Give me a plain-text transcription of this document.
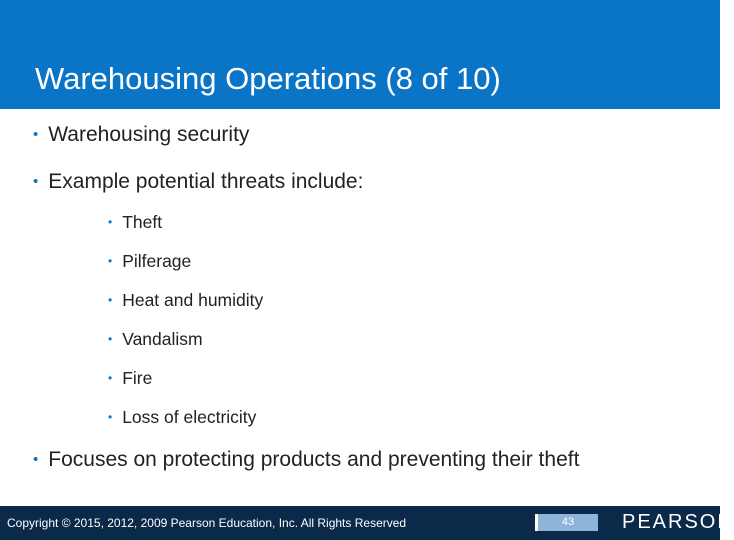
Warehousing Operations (8 of 10)
• Warehousing security
• Example potential threats include:
• Theft
• Pilferage
• Heat and humidity
• Vandalism
• Fire
• Loss of electricity
• Focuses on protecting products and preventing their theft
Copyright © 2015, 2012, 2009 Pearson Education, Inc. All Rights Reserved	43	PEARSON
